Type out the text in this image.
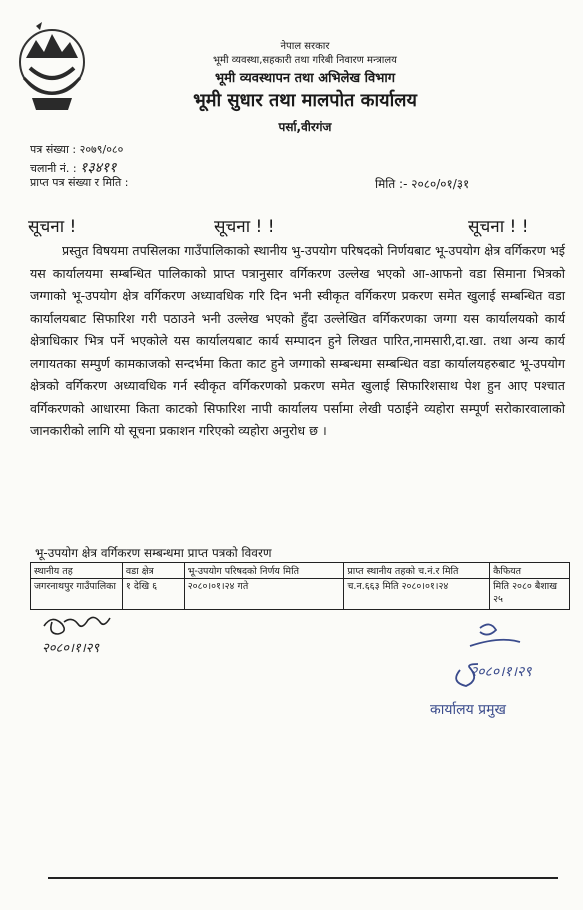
नेपाल सरकार
भूमी व्यवस्था,सहकारी तथा गरिबी निवारण मन्त्रालय
भूमी व्यवस्थापन तथा अभिलेख विभाग
भूमी सुधार तथा मालपोत कार्यालय
पर्सा,वीरगंज
पत्र संख्या : २०७९/०८०
चलानी नं. : १३४११
प्राप्त पत्र संख्या र मिति :	मिति :- २०८०/०१/३१
सूचना !	सूचना ! !	सूचना ! !
प्रस्तुत विषयमा तपसिलका गाउँपालिकाको स्थानीय भु-उपयोग परिषदको निर्णयबाट भू-उपयोग क्षेत्र वर्गिकरण भई यस कार्यालयमा सम्बन्धित पालिकाको प्राप्त पत्रानुसार वर्गिकरण उल्लेख भएको आ-आफनो वडा सिमाना भित्रको जग्गाको भू-उपयोग क्षेत्र वर्गिकरण अध्यावधिक गरि दिन भनी स्वीकृत वर्गिकरण प्रकरण समेत खुलाई सम्बन्धित वडा कार्यालयबाट सिफारिश गरी पठाउने भनी उल्लेख भएको हुँदा उल्लेखित वर्गिकरणका जग्गा यस कार्यालयको कार्य क्षेत्राधिकार भित्र पर्ने भएकोले यस कार्यालयबाट कार्य सम्पादन हुने लिखत पारित,नामसारी,दा.खा. तथा अन्य कार्य लगायतका सम्पुर्ण कामकाजको सन्दर्भमा किता काट हुने जग्गाको सम्बन्धमा सम्बन्धित वडा कार्यालयहरुबाट भू-उपयोग क्षेत्रको वर्गिकरण अध्यावधिक गर्न स्वीकृत वर्गिकरणको प्रकरण समेत खुलाई सिफारिशसाथ पेश हुन आए पश्चात वर्गिकरणको आधारमा किता काटको सिफारिश नापी कार्यालय पर्सामा लेखी पठाईने व्यहोरा सम्पूर्ण सरोकारवालाको जानकारीको लागि यो सूचना प्रकाशन गरिएको व्यहोरा अनुरोध छ ।
भू-उपयोग क्षेत्र वर्गिकरण सम्बन्धमा प्राप्त पत्रको विवरण
स्थानीय तह	वडा क्षेत्र	भू-उपयोग परिषदको निर्णय मिति	प्राप्त स्थानीय तहको च.नं.र मिति	कैफियत
जगरनाथपुर गाउँपालिका	१ देखि ६	२०८०।०१।२४ गते	च.न.६६३ मिति २०८०।०१।२४	मिति २०८० बैशाख २५
२०८०।१।२९
२०८०।१।२९
कार्यालय प्रमुख
